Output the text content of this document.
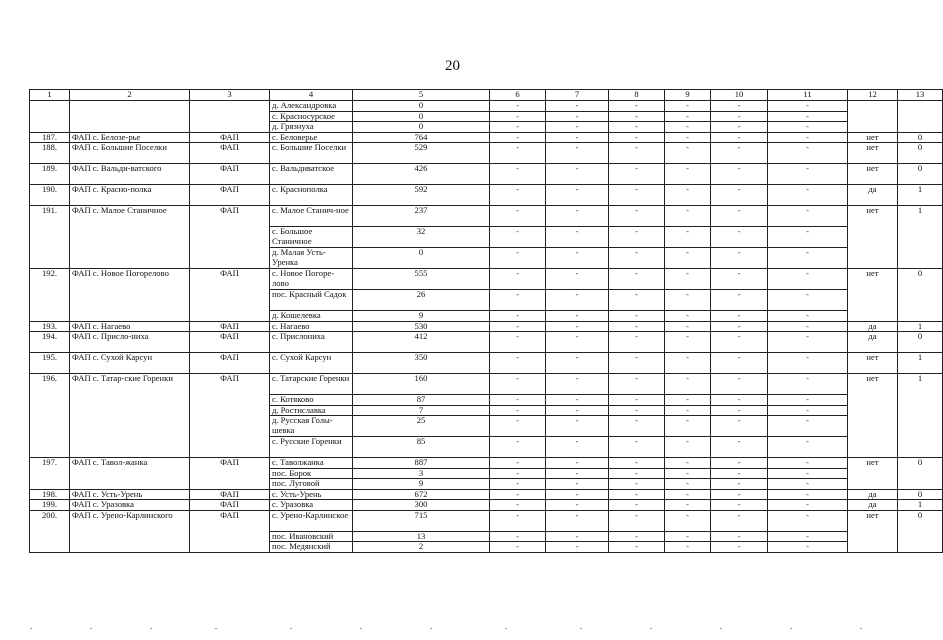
20
1	2	3	4	5	6	7	8	9	10	11	12	13
			д. Александровка	0	-	-	-	-	-	-		
			с. Красносурское	0	-	-	-	-	-	-		
			д. Грязнуха	0	-	-	-	-	-	-		
187.	ФАП с. Белозе-рье	ФАП	с. Беловерье	764	-	-	-	-	-	-	нет	0
188.	ФАП с. Большие Поселки	ФАП	с. Большие Поселки	529	-	-	-	-	-	-	нет	0
189.	ФАП с. Вальди-ватского	ФАП	с. Вальдиватское	426	-	-	-	-	-	-	нет	0
190.	ФАП с. Красно-полка	ФАП	с. Краснополка	592	-	-	-	-	-	-	да	1
191.	ФАП с. Малое Станичное	ФАП	с. Малое Станич-ное	237	-	-	-	-	-	-	нет	1
			с. Большое Станичное	32	-	-	-	-	-	-		
			д. Малая Усть-Уренка	0	-	-	-	-	-	-		
192.	ФАП с. Новое Погорелово	ФАП	с. Новое Погоре-лово	555	-	-	-	-	-	-	нет	0
			пос. Красный Садок	26	-	-	-	-	-	-		
			д. Кошелевка	9	-	-	-	-	-	-		
193.	ФАП с. Нагаево	ФАП	с. Нагаево	530	-	-	-	-	-	-	да	1
194.	ФАП с. Прислo-ниха	ФАП	с. Прислониха	412	-	-	-	-	-	-	да	0
195.	ФАП с. Сухой Карсун	ФАП	с. Сухой Карсун	350	-	-	-	-	-	-	нет	1
196.	ФАП с. Татар-ские Горенки	ФАП	с. Татарские Горенки	160	-	-	-	-	-	-	нет	1
			с. Котяково	87	-	-	-	-	-	-		
			д. Ростиславка	7	-	-	-	-	-	-		
			д. Русская Голы-шевка	25	-	-	-	-	-	-		
			с. Русские Горенки	85	-	-	-	-	-	-		
197.	ФАП с. Тавол-жанка	ФАП	с. Таволжанка	887	-	-	-	-	-	-	нет	0
			пос. Борок	3	-	-	-	-	-	-		
			пос. Луговой	9	-	-	-	-	-	-		
198.	ФАП с. Усть-Урень	ФАП	с. Усть-Урень	672	-	-	-	-	-	-	да	0
199.	ФАП с. Уразовка	ФАП	с. Уразовка	300	-	-	-	-	-	-	да	1
200.	ФАП с. Урено-Карлинского	ФАП	с. Урено-Карлинское	715	-	-	-	-	-	-	нет	0
			пос. Ивановский	13	-	-	-	-	-	-		
			пос. Медянский	2	-	-	-	-	-	-		
